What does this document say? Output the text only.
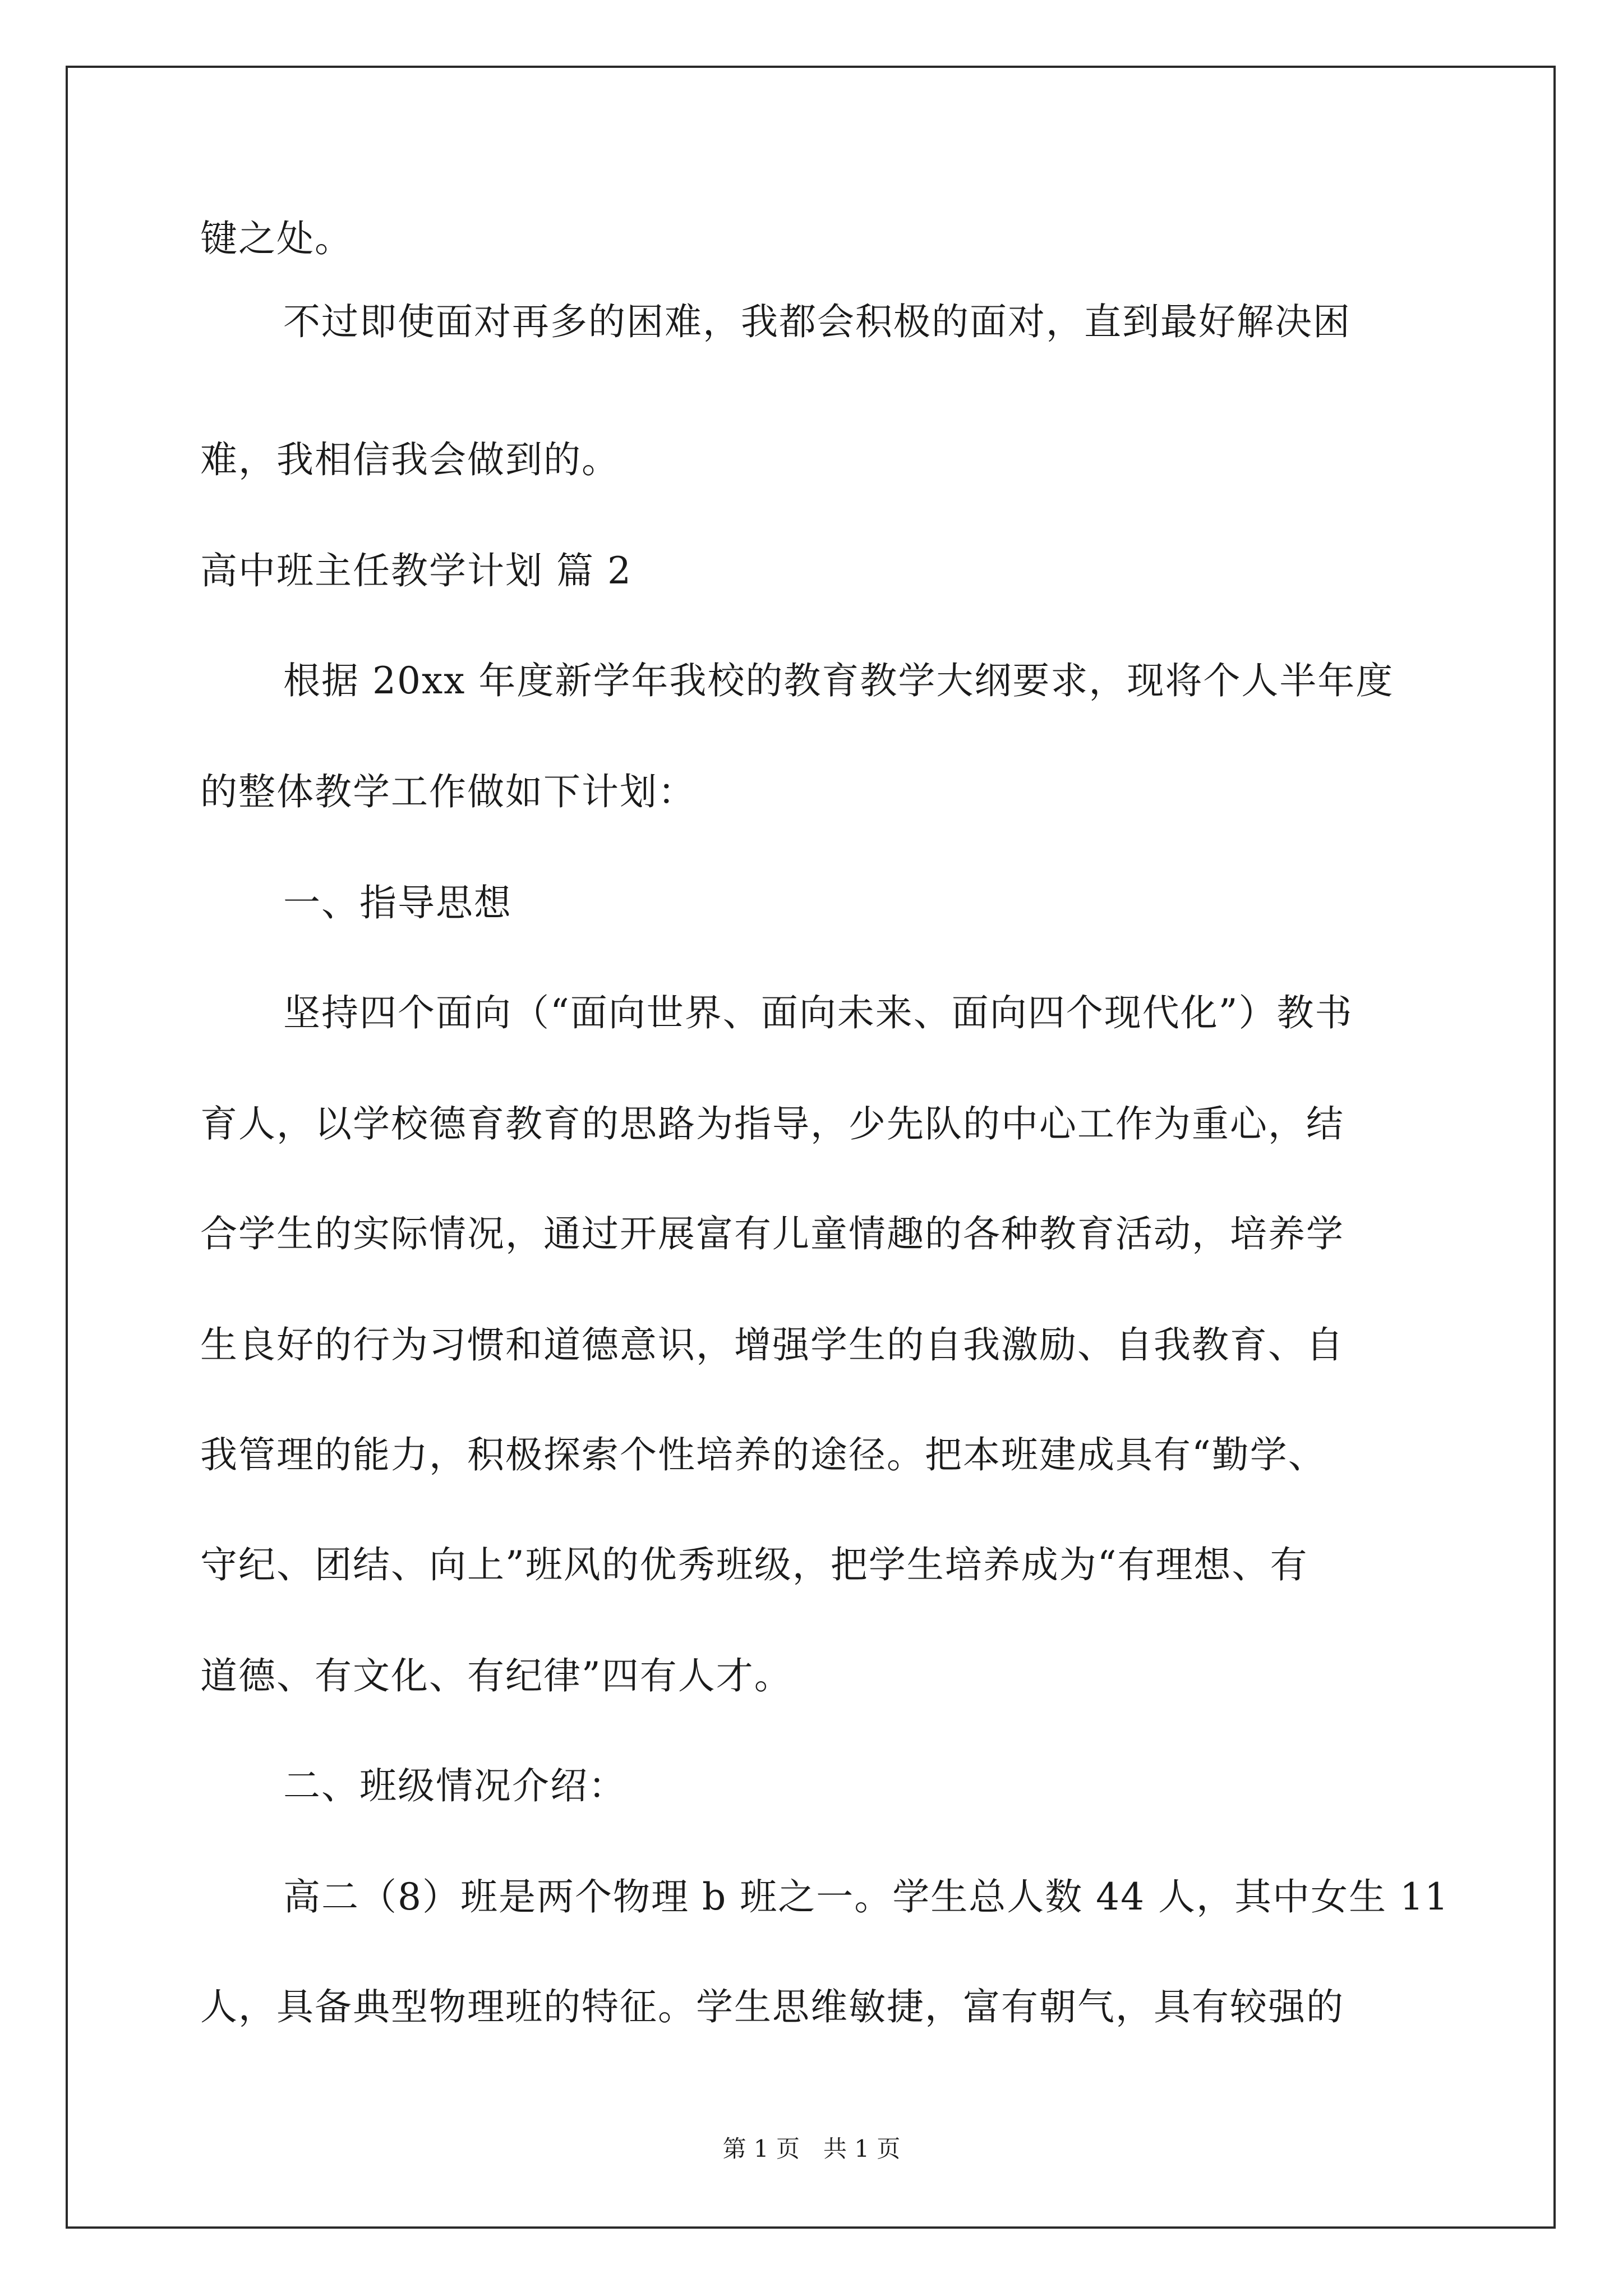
键之处。
不过即使面对再多的困难，我都会积极的面对，直到最好解决困
难，我相信我会做到的。
高中班主任教学计划 篇 2
根据 20xx 年度新学年我校的教育教学大纲要求，现将个人半年度
的整体教学工作做如下计划：
一、指导思想
坚持四个面向（“面向世界、面向未来、面向四个现代化”）教书
育人，以学校德育教育的思路为指导，少先队的中心工作为重心，结
合学生的实际情况，通过开展富有儿童情趣的各种教育活动，培养学
生良好的行为习惯和道德意识，增强学生的自我激励、自我教育、自
我管理的能力，积极探索个性培养的途径。把本班建成具有“勤学、
守纪、团结、向上”班风的优秀班级，把学生培养成为“有理想、有
道德、有文化、有纪律”四有人才。
二、班级情况介绍：
高二（8）班是两个物理 b 班之一。学生总人数 44 人，其中女生 11
人，具备典型物理班的特征。学生思维敏捷，富有朝气，具有较强的
第 1 页　共 1 页
